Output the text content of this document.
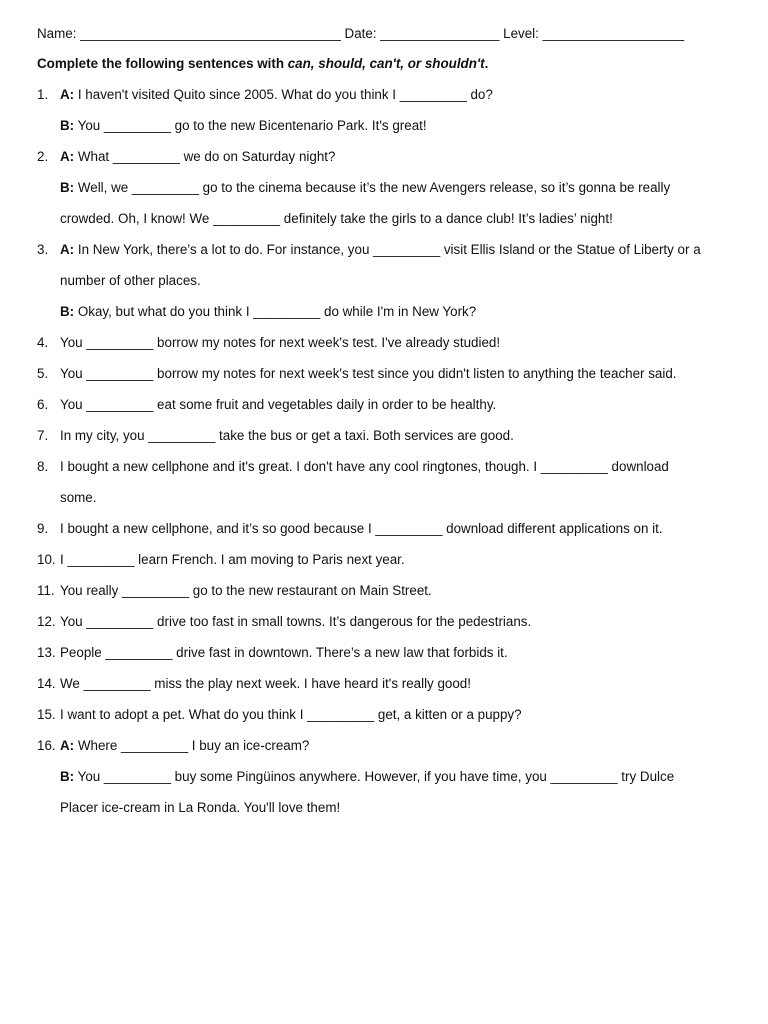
Name: ___________________________________ Date: ________________ Level: ___________________
Complete the following sentences with can, should, can't, or shouldn't.
1. A: I haven't visited Quito since 2005. What do you think I _________ do?
B: You _________ go to the new Bicentenario Park. It's great!
2. A: What _________ we do on Saturday night?
B: Well, we _________ go to the cinema because it’s the new Avengers release, so it’s gonna be really
crowded. Oh, I know! We _________ definitely take the girls to a dance club! It’s ladies’ night!
3. A: In New York, there’s a lot to do. For instance, you _________ visit Ellis Island or the Statue of Liberty or a
number of other places.
B: Okay, but what do you think I _________ do while I'm in New York?
4. You _________ borrow my notes for next week's test. I've already studied!
5. You _________ borrow my notes for next week's test since you didn't listen to anything the teacher said.
6. You _________ eat some fruit and vegetables daily in order to be healthy.
7. In my city, you _________ take the bus or get a taxi. Both services are good.
8. I bought a new cellphone and it's great. I don't have any cool ringtones, though. I _________ download
some.
9. I bought a new cellphone, and it’s so good because I _________ download different applications on it.
10. I _________ learn French. I am moving to Paris next year.
11. You really _________ go to the new restaurant on Main Street.
12. You _________ drive too fast in small towns. It’s dangerous for the pedestrians.
13. People _________ drive fast in downtown. There’s a new law that forbids it.
14. We _________ miss the play next week. I have heard it's really good!
15. I want to adopt a pet. What do you think I _________ get, a kitten or a puppy?
16. A: Where _________ I buy an ice-cream?
B: You _________ buy some Pingüinos anywhere. However, if you have time, you _________ try Dulce
Placer ice-cream in La Ronda. You'll love them!
